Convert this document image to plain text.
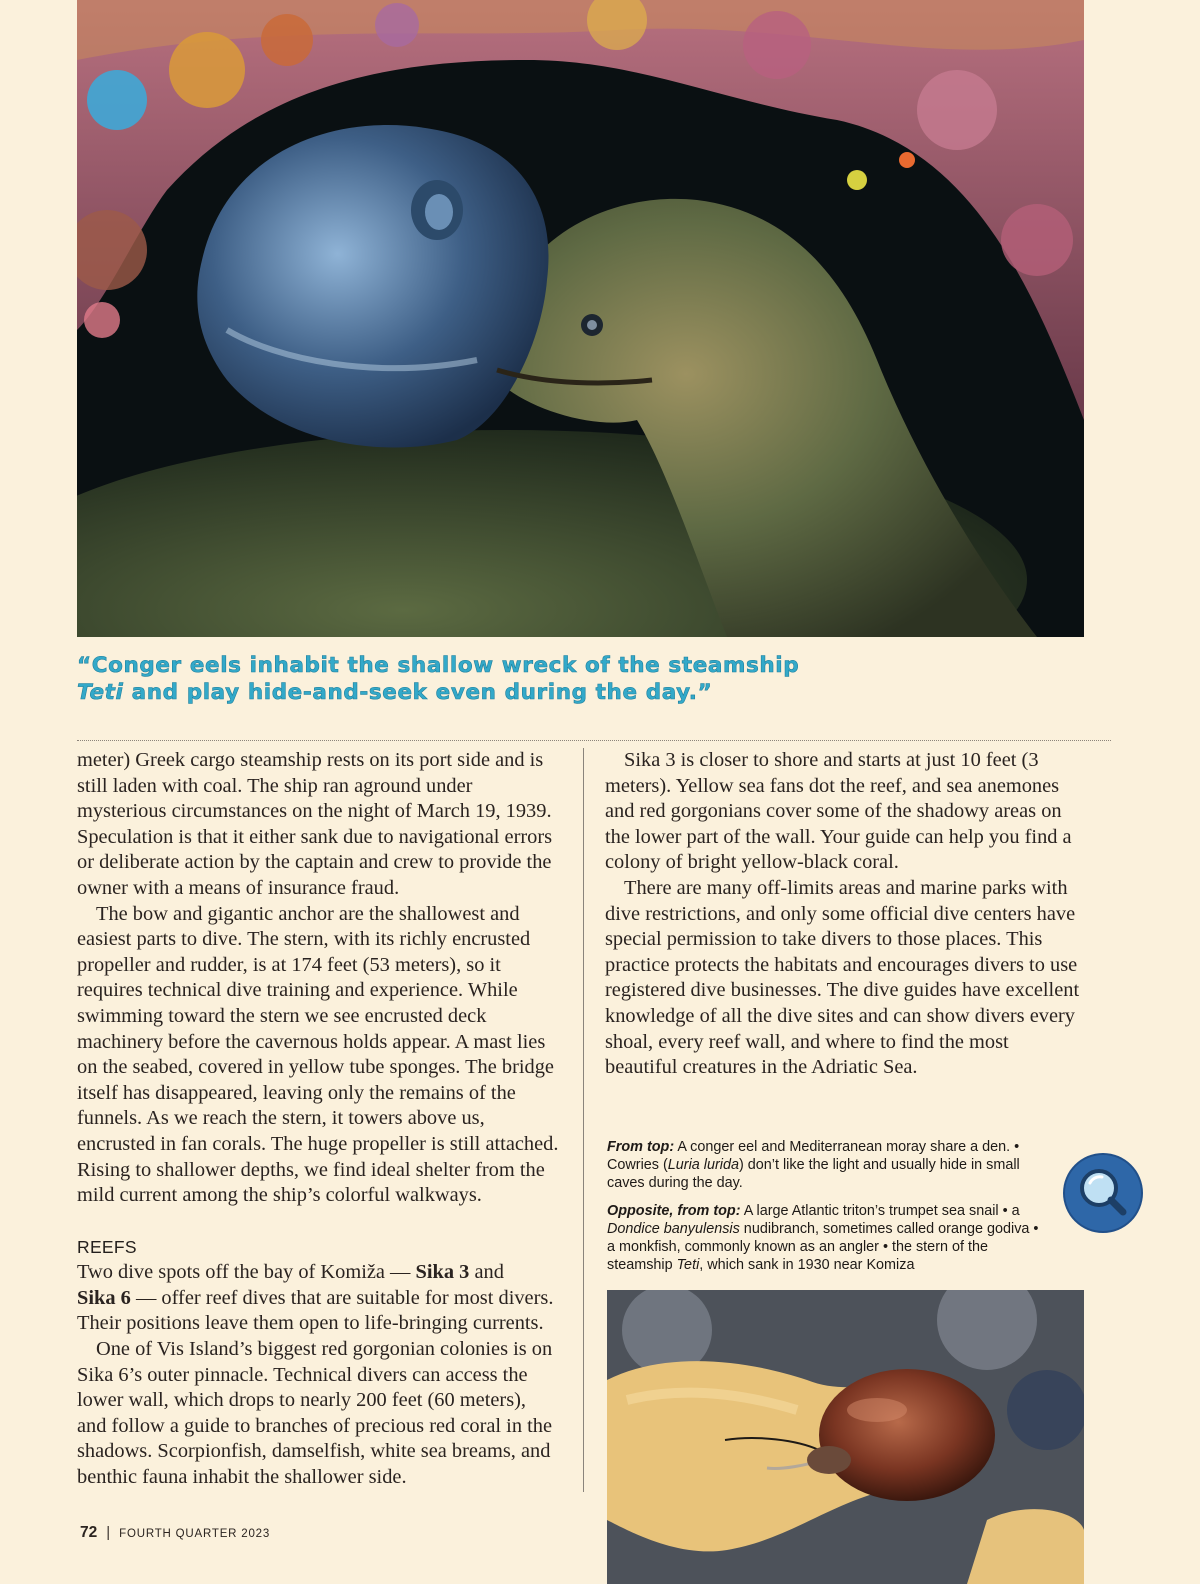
“Conger eels inhabit the shallow wreck of the steamship
Teti and play hide-and-seek even during the day.”

meter) Greek cargo steamship rests on its port side and is still laden with coal. The ship ran aground under mysterious circumstances on the night of March 19, 1939. Speculation is that it either sank due to navigational errors or deliberate action by the captain and crew to provide the owner with a means of insurance fraud.

The bow and gigantic anchor are the shallowest and easiest parts to dive. The stern, with its richly encrusted propeller and rudder, is at 174 feet (53 meters), so it requires technical dive training and experience. While swimming toward the stern we see encrusted deck machinery before the cavernous holds appear. A mast lies on the seabed, covered in yellow tube sponges. The bridge itself has disappeared, leaving only the remains of the funnels. As we reach the stern, it towers above us, encrusted in fan corals. The huge propeller is still attached. Rising to shallower depths, we find ideal shelter from the mild current among the ship’s colorful walkways.

REEFS

Two dive spots off the bay of Komiža — Sika 3 and
Sika 6 — offer reef dives that are suitable for most divers. Their positions leave them open to life-bringing currents.

One of Vis Island’s biggest red gorgonian colonies is on Sika 6’s outer pinnacle. Technical divers can access the lower wall, which drops to nearly 200 feet (60 meters), and follow a guide to branches of precious red coral in the shadows. Scorpionfish, damselfish, white sea breams, and benthic fauna inhabit the shallower side.

Sika 3 is closer to shore and starts at just 10 feet (3 meters). Yellow sea fans dot the reef, and sea anemones and red gorgonians cover some of the shadowy areas on the lower part of the wall. Your guide can help you find a colony of bright yellow-black coral.

There are many off-limits areas and marine parks with dive restrictions, and only some official dive centers have special permission to take divers to those places. This practice protects the habitats and encourages divers to use registered dive businesses. The dive guides have excellent knowledge of all the dive sites and can show divers every shoal, every reef wall, and where to find the most beautiful creatures in the Adriatic Sea.

From top: A conger eel and Mediterranean moray share a den. • Cowries (Luria lurida) don’t like the light and usually hide in small caves during the day.

Opposite, from top: A large Atlantic triton’s trumpet sea snail • a Dondice banyulensis nudibranch, sometimes called orange godiva • a monkfish, commonly known as an angler • the stern of the steamship Teti, which sank in 1930 near Komiza

72 | FOURTH QUARTER 2023
